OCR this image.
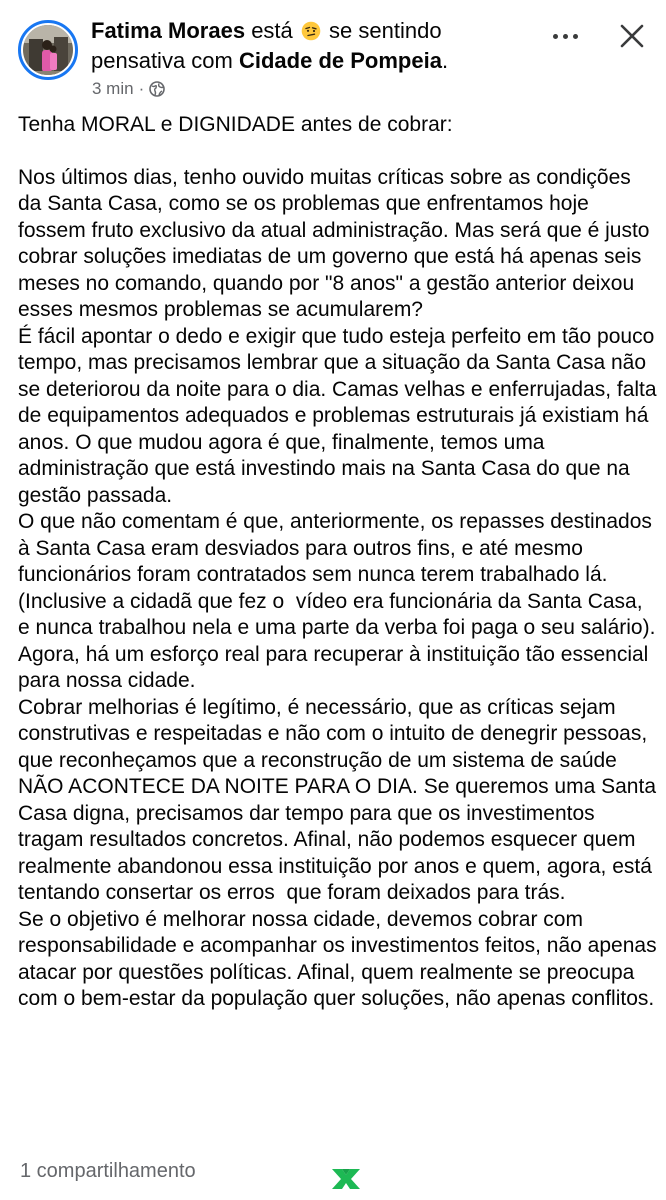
Fatima Moraes está se sentindo
pensativa com Cidade de Pompeia.
3 min ·

Tenha MORAL e DIGNIDADE antes de cobrar:

Nos últimos dias, tenho ouvido muitas críticas sobre as condições da Santa Casa, como se os problemas que enfrentamos hoje fossem fruto exclusivo da atual administração. Mas será que é justo cobrar soluções imediatas de um governo que está há apenas seis meses no comando, quando por "8 anos" a gestão anterior deixou esses mesmos problemas se acumularem?

É fácil apontar o dedo e exigir que tudo esteja perfeito em tão pouco tempo, mas precisamos lembrar que a situação da Santa Casa não se deteriorou da noite para o dia. Camas velhas e enferrujadas, falta de equipamentos adequados e problemas estruturais já existiam há anos. O que mudou agora é que, finalmente, temos uma administração que está investindo mais na Santa Casa do que na gestão passada.

O que não comentam é que, anteriormente, os repasses destinados à Santa Casa eram desviados para outros fins, e até mesmo funcionários foram contratados sem nunca terem trabalhado lá.(Inclusive a cidadã que fez o  vídeo era funcionária da Santa Casa, e nunca trabalhou nela e uma parte da verba foi paga o seu salário).

Agora, há um esforço real para recuperar à instituição tão essencial para nossa cidade.

Cobrar melhorias é legítimo, é necessário, que as críticas sejam construtivas e respeitadas e não com o intuito de denegrir pessoas, que reconheçamos que a reconstrução de um sistema de saúde NÃO ACONTECE DA NOITE PARA O DIA. Se queremos uma Santa Casa digna, precisamos dar tempo para que os investimentos tragam resultados concretos. Afinal, não podemos esquecer quem realmente abandonou essa instituição por anos e quem, agora, está tentando consertar os erros  que foram deixados para trás.

Se o objetivo é melhorar nossa cidade, devemos cobrar com responsabilidade e acompanhar os investimentos feitos, não apenas atacar por questões políticas. Afinal, quem realmente se preocupa com o bem-estar da população quer soluções, não apenas conflitos.

1 compartilhamento
